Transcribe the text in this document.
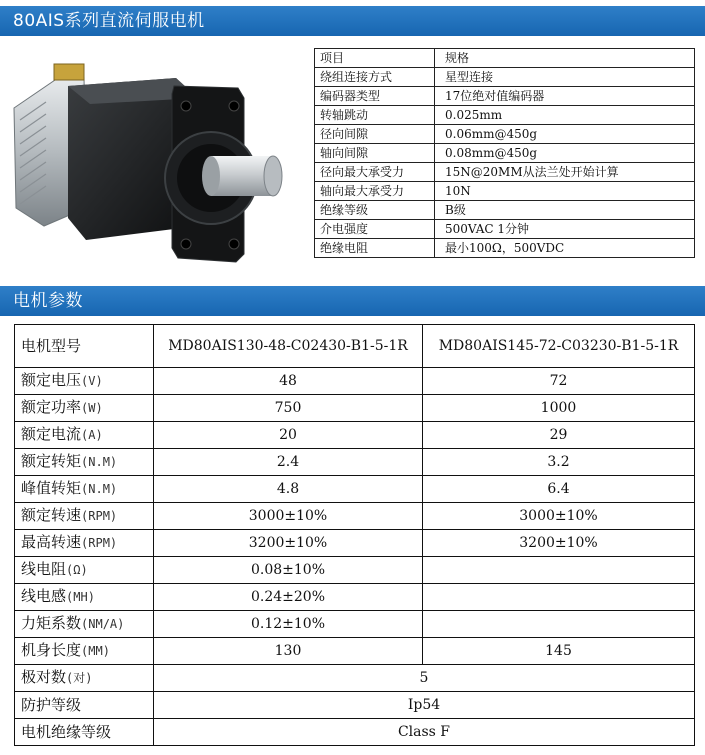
80AIS系列直流伺服电机
项目	规格
绕组连接方式	星型连接
编码器类型	17位绝对值编码器
转轴跳动	0.025mm
径向间隙	0.06mm@450g
轴向间隙	0.08mm@450g
径向最大承受力	15N@20MM从法兰处开始计算
轴向最大承受力	10N
绝缘等级	B级
介电强度	500VAC 1分钟
绝缘电阻	最小100Ω，500VDC
电机参数
电机型号	MD80AIS130-48-C02430-B1-5-1R	MD80AIS145-72-C03230-B1-5-1R
额定电压(V)	48	72
额定功率(W)	750	1000
额定电流(A)	20	29
额定转矩(N.M)	2.4	3.2
峰值转矩(N.M)	4.8	6.4
额定转速(RPM)	3000±10%	3000±10%
最高转速(RPM)	3200±10%	3200±10%
线电阻(Ω)	0.08±10%	
线电感(MH)	0.24±20%	
力矩系数(NM/A)	0.12±10%	
机身长度(MM)	130	145
极对数(对)	5	
防护等级	Ip54	
电机绝缘等级	Class F	
